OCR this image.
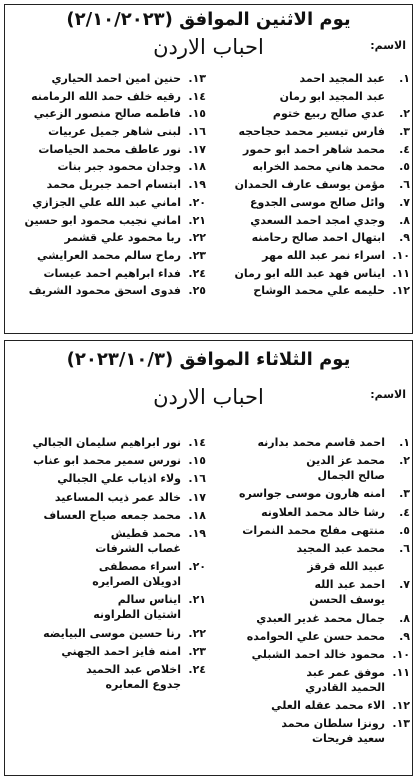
يوم الاثنين الموافق (٢/١٠/٢٠٢٣)
الاسم:
احباب الاردن
١.
عبد المجيد احمد
عبد المجيد ابو رمان
٢.
عدي صالح ربيع ختوم
٣.
فارس تيسير محمد حجاحجه
٤.
محمد شاهر احمد ابو حمور
٥.
محمد هاني محمد الخرابه
٦.
مؤمن يوسف عارف الحمدان
٧.
وائل صالح موسى الجدوع
٨.
وجدي امجد احمد السعدي
٩.
ابتهال احمد صالح رحامنه
١٠.
اسراء نمر عبد الله مهر
١١.
ايناس فهد عبد الله ابو رمان
١٢.
حليمه علي محمد الوشاح
١٣.
حنين امين احمد الحياري
١٤.
رقيه خلف حمد الله الرمامنه
١٥.
فاطمه صالح منصور الزعبي
١٦.
لبنى شاهر جميل عربيات
١٧.
نور عاطف محمد الحياصات
١٨.
وجدان محمود جبر بنات
١٩.
ابتسام احمد جبريل محمد
٢٠.
اماني عبد الله علي الجزازي
٢١.
اماني نجيب محمود ابو حسين
٢٢.
ربا محمود علي قشمر
٢٣.
رماح سالم محمد العرايشي
٢٤.
فداء ابراهيم احمد عيسات
٢٥.
فدوى اسحق محمود الشريف
يوم الثلاثاء الموافق (٢٠٢٣/١٠/٣)
الاسم:
احباب الاردن
١.
احمد قاسم محمد بدارنه
٢.
محمد عز الدين
صالح الجمال
٣.
امنه هارون موسى جواسره
٤.
رشا خالد محمد العلاونه
٥.
منتهى مفلح محمد النمرات
٦.
محمد عبد المجيد
عبيد الله قرقز
٧.
احمد عبد الله
يوسف الحسن
٨.
جمال محمد غدير العبدي
٩.
محمد حسن علي الحوامده
١٠.
محمود خالد احمد الشبلي
١١.
موفق عمر عبد
الحميد القادري
١٢.
الاء محمد عقله العلي
١٣.
رونزا سلطان محمد
سعيد فريحات
١٤.
نور ابراهيم سليمان الجبالي
١٥.
نورس سمير محمد ابو عناب
١٦.
ولاء اذياب علي الجبالي
١٧.
خالد عمر ذيب المساعيد
١٨.
محمد جمعه صياح العساف
١٩.
محمد قطيش
غصاب الشرفات
٢٠.
اسراء مصطفى
ادويلان الصرايره
٢١.
ايناس سالم
اشتيان الطراونه
٢٢.
رنا حسين موسى البيايضه
٢٣.
امنه فايز احمد الجهني
٢٤.
اخلاص عبد الحميد
جدوع المعابره
